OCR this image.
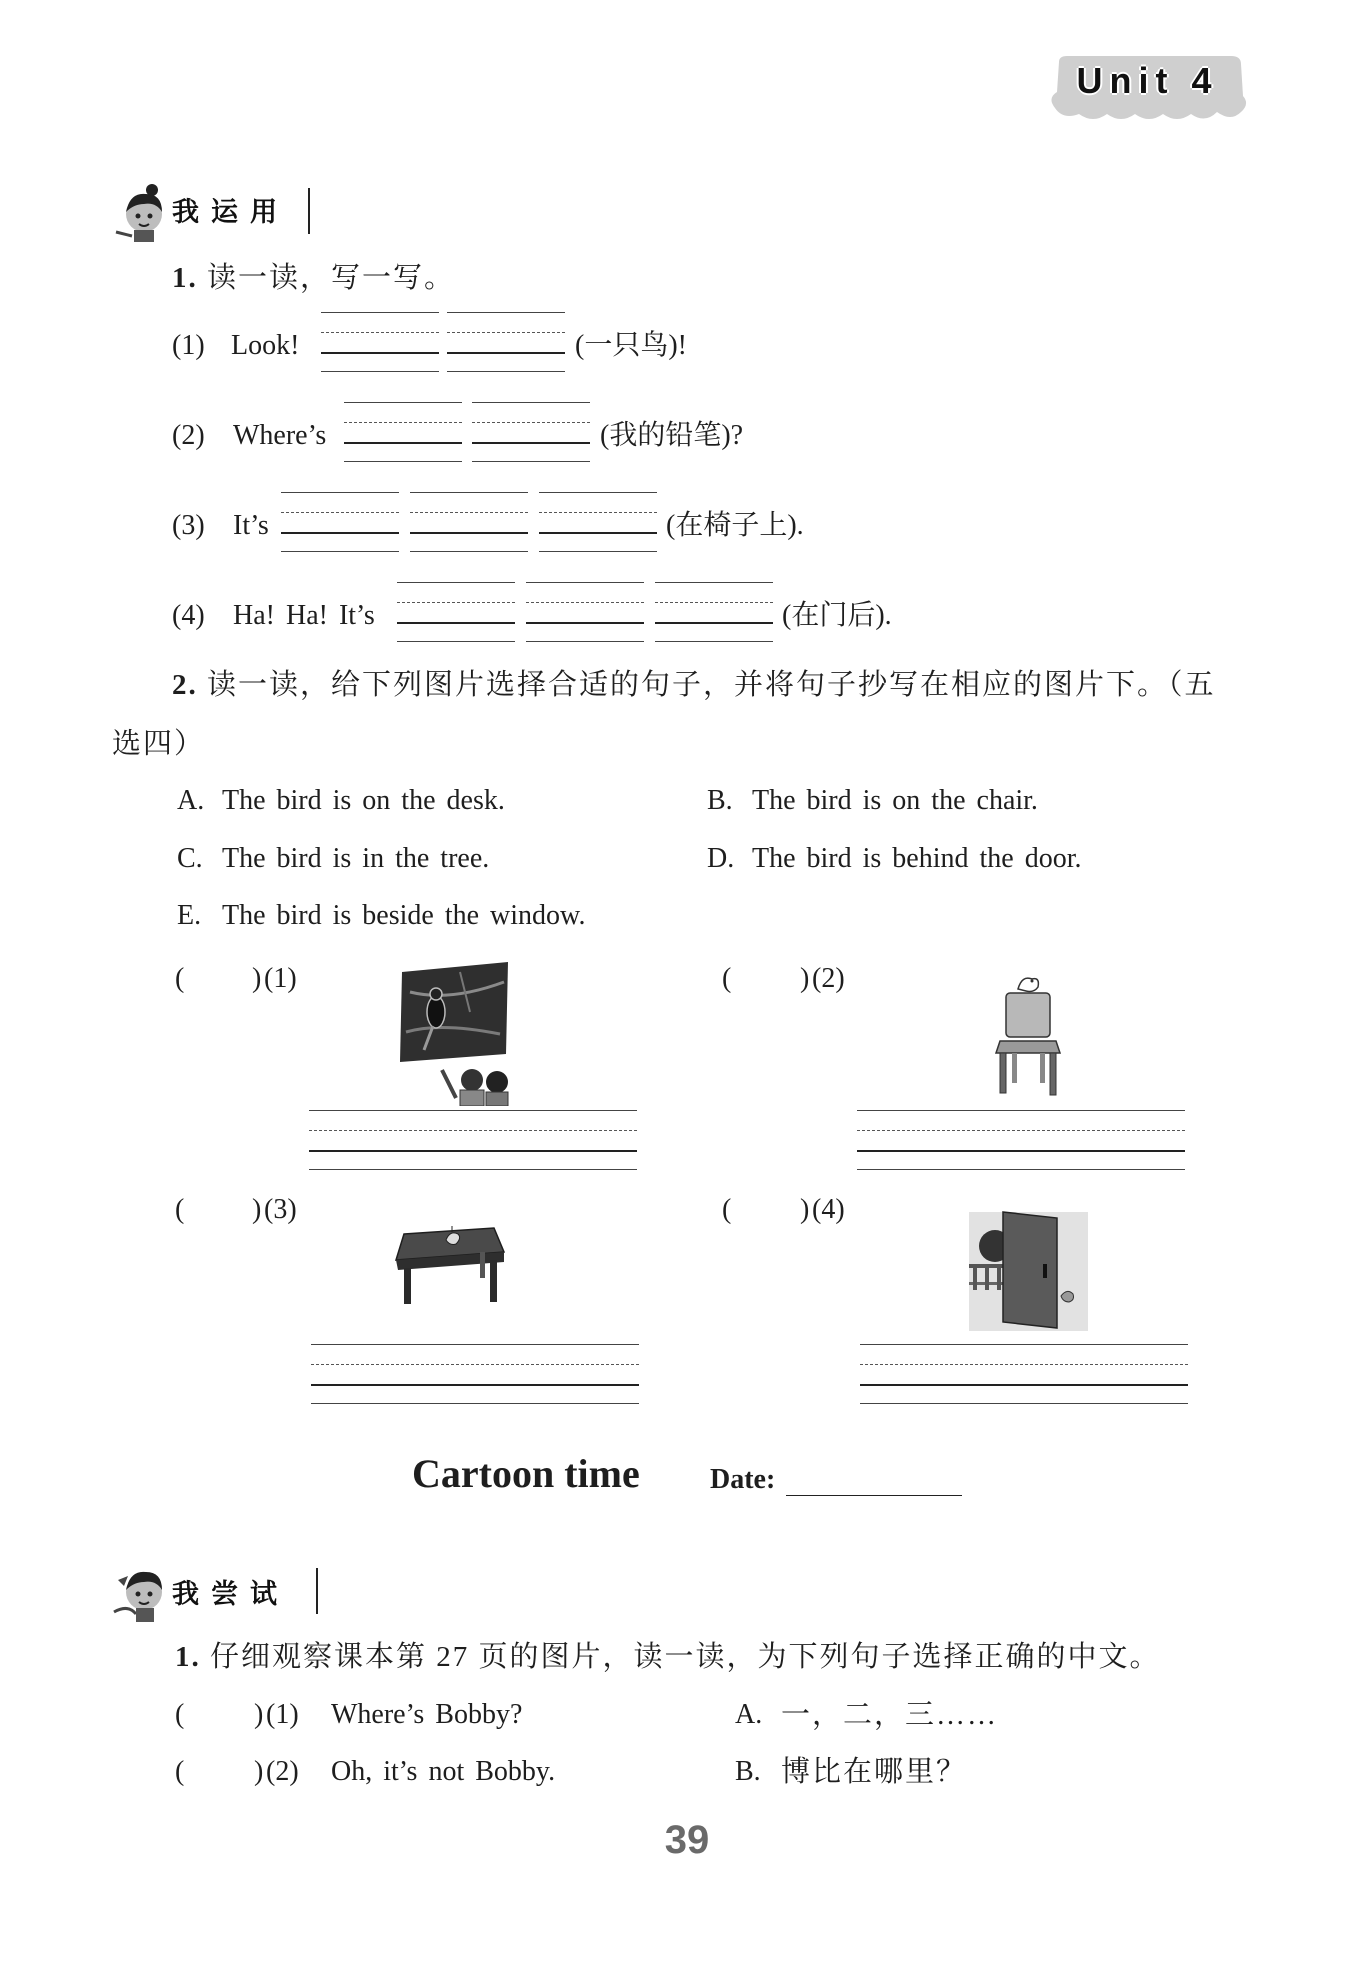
Unit 4
我运用
1. 读一读，写一写。
(1) Look!	(一只鸟)!
(2) Where’s	(我的铅笔)?
(3) It’s	(在椅子上).
(4) Ha! Ha! It’s	(在门后).
2. 读一读，给下列图片选择合适的句子，并将句子抄写在相应的图片下。（五
选四）
A. The bird is on the desk.	B. The bird is on the chair.
C. The bird is in the tree.	D. The bird is behind the door.
E. The bird is beside the window.
( ) (1)	( ) (2)
( ) (3)	( ) (4)
Cartoon time	Date:
我尝试
1. 仔细观察课本第 27 页的图片，读一读，为下列句子选择正确的中文。
( ) (1) Where’s Bobby?	A. 一，二，三……
( ) (2) Oh, it’s not Bobby.	B. 博比在哪里？
39
